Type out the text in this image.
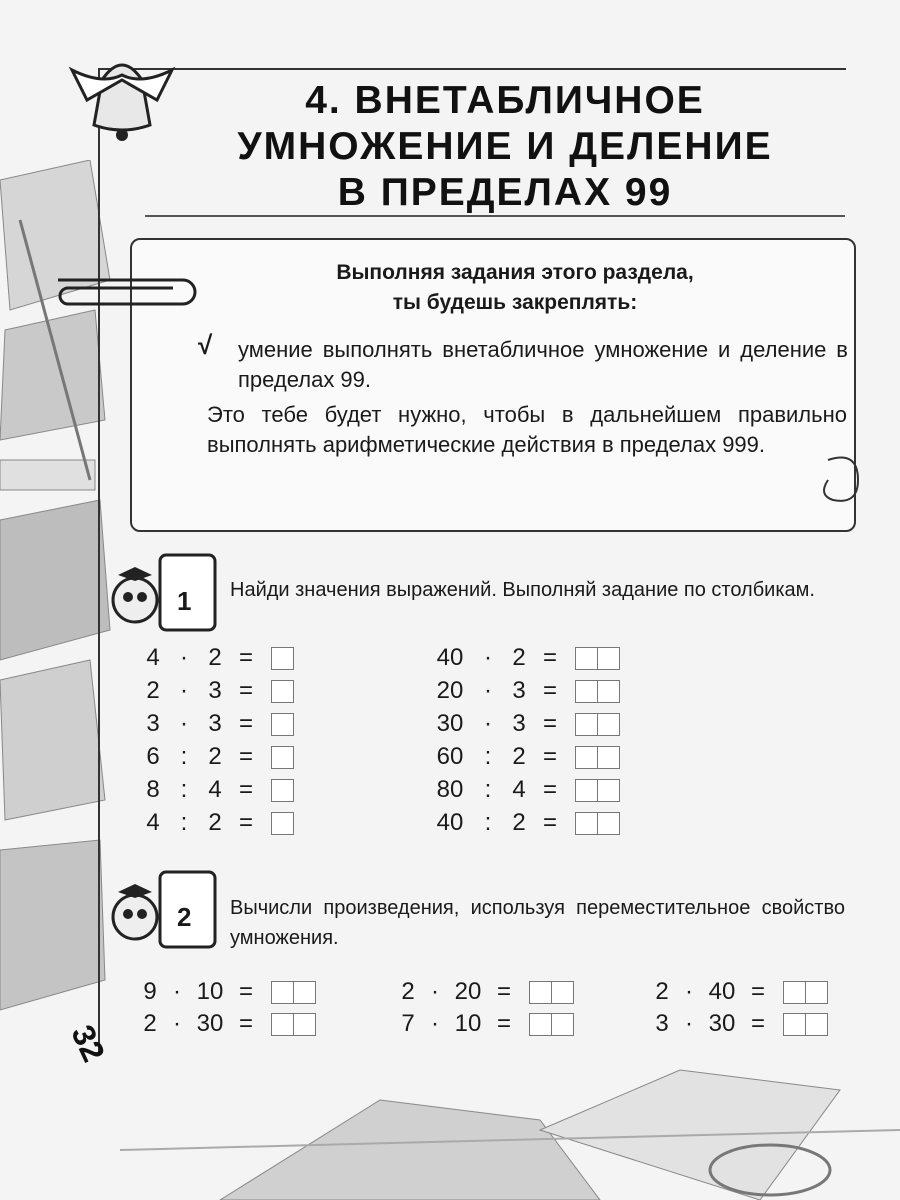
4. ВНЕТАБЛИЧНОЕ
УМНОЖЕНИЕ И ДЕЛЕНИЕ
В ПРЕДЕЛАХ 99
Выполняя задания этого раздела,
ты будешь закреплять:
√ умение выполнять внетабличное умножение и деление в пределах 99.
Это тебе будет нужно, чтобы в дальнейшем правильно выполнять арифметические действия в пределах 999.
1 Найди значения выражений. Выполняй задание по столбикам.
4 · 2 =
2 · 3 =
3 · 3 =
6 : 2 =
8 : 4 =
4 : 2 =
40 · 2 =
20 · 3 =
30 · 3 =
60 : 2 =
80 : 4 =
40 : 2 =
2 Вычисли произведения, используя переместительное свойство умножения.
9 · 10 =	2 · 20 =	2 · 40 =
2 · 30 =	7 · 10 =	3 · 30 =
32
